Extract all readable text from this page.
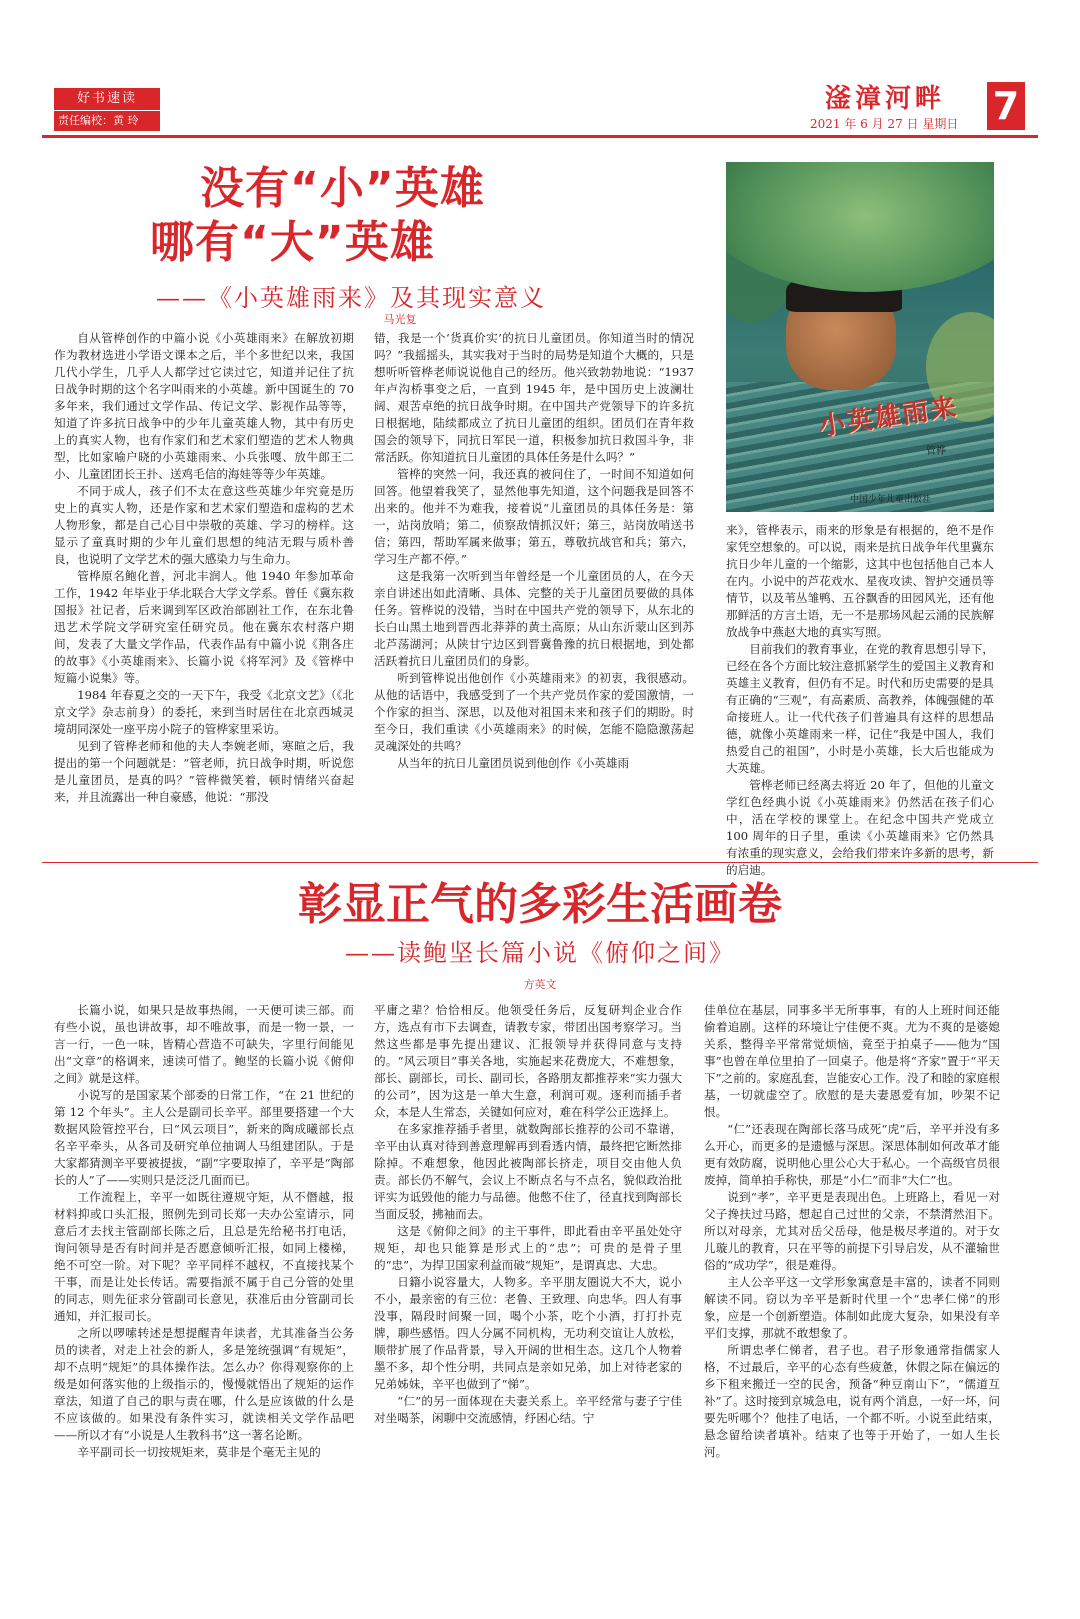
好书速读
责任编校：黄 玲
滏漳河畔	7
2021 年 6 月 27 日 星期日
没有“小”英雄
哪有“大”英雄
——《小英雄雨来》及其现实意义
马光复
小英雄雨来
管桦
中国少年儿童出版社

自从管桦创作的中篇小说《小英雄雨来》在解放初期作为教材选进小学语文课本之后，半个多世纪以来，我国几代小学生，几乎人人都学过它读过它，知道并记住了抗日战争时期的这个名字叫雨来的小英雄。新中国诞生的 70 多年来，我们通过文学作品、传记文学、影视作品等等，知道了许多抗日战争中的少年儿童英雄人物，其中有历史上的真实人物，也有作家们和艺术家们塑造的艺术人物典型，比如家喻户晓的小英雄雨来、小兵张嘎、放牛郎王二小、儿童团团长王扑、送鸡毛信的海娃等等少年英雄。

不同于成人，孩子们不太在意这些英雄少年究竟是历史上的真实人物，还是作家和艺术家们塑造和虚构的艺术人物形象，都是自己心目中崇敬的英雄、学习的榜样。这显示了童真时期的少年儿童们思想的纯洁无瑕与质朴善良，也说明了文学艺术的强大感染力与生命力。

管桦原名鲍化普，河北丰润人。他 1940 年参加革命工作，1942 年毕业于华北联合大学文学系。曾任《冀东救国报》社记者，后来调到军区政治部剧社工作，在东北鲁迅艺术学院文学研究室任研究员。他在冀东农村落户期间，发表了大量文学作品，代表作品有中篇小说《荆各庄的故事》《小英雄雨来》、长篇小说《将军河》及《管桦中短篇小说集》等。

1984 年春夏之交的一天下午，我受《北京文艺》（《北京文学》杂志前身）的委托，来到当时居住在北京西城灵境胡同深处一座平房小院子的管桦家里采访。

见到了管桦老师和他的夫人李婉老师，寒暄之后，我提出的第一个问题就是：“管老师，抗日战争时期，听说您是儿童团员，是真的吗？”管桦微笑着，顿时情绪兴奋起来，并且流露出一种自豪感，他说：“那没

错，我是一个‘货真价实’的抗日儿童团员。你知道当时的情况吗？”我摇摇头，其实我对于当时的局势是知道个大概的，只是想听听管桦老师说说他自己的经历。他兴致勃勃地说：“1937 年卢沟桥事变之后，一直到 1945 年，是中国历史上波澜壮阔、艰苦卓绝的抗日战争时期。在中国共产党领导下的许多抗日根据地，陆续都成立了抗日儿童团的组织。团员们在青年救国会的领导下，同抗日军民一道，积极参加抗日救国斗争，非常活跃。你知道抗日儿童团的具体任务是什么吗？”

管桦的突然一问，我还真的被问住了，一时间不知道如何回答。他望着我笑了，显然他事先知道，这个问题我是回答不出来的。他并不为难我，接着说“儿童团员的具体任务是：第一，站岗放哨；第二，侦察敌情抓汉奸；第三，站岗放哨送书信；第四，帮助军属来做事；第五，尊敬抗战官和兵；第六，学习生产都不停。”

这是我第一次听到当年曾经是一个儿童团员的人，在今天亲自讲述出如此清晰、具体、完整的关于儿童团员要做的具体任务。管桦说的没错，当时在中国共产党的领导下，从东北的长白山黑土地到晋西北莽莽的黄土高原；从山东沂蒙山区到苏北芦荡湖河；从陕甘宁边区到晋冀鲁豫的抗日根据地，到处都活跃着抗日儿童团员们的身影。

听到管桦说出他创作《小英雄雨来》的初衷，我很感动。从他的话语中，我感受到了一个共产党员作家的爱国激情，一个作家的担当、深思，以及他对祖国未来和孩子们的期盼。时至今日，我们重读《小英雄雨来》的时候，怎能不隐隐激荡起灵魂深处的共鸣？

从当年的抗日儿童团员说到他创作《小英雄雨

来》，管桦表示，雨来的形象是有根据的，绝不是作家凭空想象的。可以说，雨来是抗日战争年代里冀东抗日少年儿童的一个缩影，这其中也包括他自己本人在内。小说中的芦花戏水、星夜攻读、智护交通员等情节，以及苇丛雏鸭、五谷飘香的田园风光，还有他那鲜活的方言土语，无一不是那场风起云涌的民族解放战争中燕赵大地的真实写照。

目前我们的教育事业，在党的教育思想引导下，已经在各个方面比较注意抓紧学生的爱国主义教育和英雄主义教育，但仍有不足。时代和历史需要的是具有正确的“三观”，有高素质、高教养，体魄强健的革命接班人。让一代代孩子们普遍具有这样的思想品德，就像小英雄雨来一样，记住“我是中国人，我们热爱自己的祖国”，小时是小英雄，长大后也能成为大英雄。

管桦老师已经离去将近 20 年了，但他的儿童文学红色经典小说《小英雄雨来》仍然活在孩子们心中，活在学校的课堂上。在纪念中国共产党成立 100 周年的日子里，重读《小英雄雨来》它仍然具有浓重的现实意义，会给我们带来许多新的思考，新的启迪。

彰显正气的多彩生活画卷
——读鲍坚长篇小说《俯仰之间》
方英文

长篇小说，如果只是故事热闹，一天便可读三部。而有些小说，虽也讲故事，却不唯故事，而是一物一景，一言一行，一色一味，皆精心营造不可缺失，字里行间能见出“文章”的格调来，速读可惜了。鲍坚的长篇小说《俯仰之间》就是这样。

小说写的是国家某个部委的日常工作，“在 21 世纪的第 12 个年头”。主人公是副司长辛平。部里要搭建一个大数据风险管控平台，曰“风云项目”，新来的陶成曦部长点名辛平牵头，从各司及研究单位抽调人马组建团队。于是大家都猜测辛平要被提拔，“副”字要取掉了，辛平是“陶部长的人”了——实则只是泛泛几面而已。

工作流程上，辛平一如既往遵规守矩，从不僭越，报材料抑或口头汇报，照例先到司长郑一夫办公室请示，同意后才去找主管副部长陈之后，且总是先给秘书打电话，询问领导是否有时间并是否愿意倾听汇报，如同上楼梯，绝不可空一阶。对下呢？辛平同样不越权，不直接找某个干事，而是让处长传话。需要指派不属于自己分管的处里的同志，则先征求分管副司长意见，获准后由分管副司长通知，并汇报司长。

之所以啰嗦转述是想提醒青年读者，尤其准备当公务员的读者，对走上社会的新人，多是笼统强调“有规矩”，却不点明“规矩”的具体操作法。怎么办？你得观察你的上级是如何落实他的上级指示的，慢慢就悟出了规矩的运作章法，知道了自己的职与责在哪，什么是应该做的什么是不应该做的。如果没有条件实习，就读相关文学作品吧——所以才有“小说是人生教科书”这一著名论断。

辛平副司长一切按规矩来，莫非是个毫无主见的

平庸之辈？恰恰相反。他领受任务后，反复研判企业合作方，选点有市下去调查，请教专家，带团出国考察学习。当然这些都是事先提出建议、汇报领导并获得同意与支持的。“风云项目”事关各地，实施起来花费庞大，不难想象，部长、副部长，司长、副司长，各路朋友都推荐来“实力强大的公司”，因为这是一单大生意，利润可观。逐利而插手者众，本是人生常态，关键如何应对，难在科学公正选择上。

在多家推荐插手者里，就数陶部长推荐的公司不靠谱，辛平由认真对待到善意理解再到看透内情，最终把它断然排除掉。不难想象，他因此被陶部长挤走，项目交由他人负责。部长仍不解气，会议上不断点名与不点名，貌似政治批评实为诋毁他的能力与品德。他憋不住了，径直找到陶部长当面反驳，拂袖而去。

这是《俯仰之间》的主干事件，即此看由辛平虽处处守规矩，却也只能算是形式上的“忠”；可贵的是骨子里的“忠”，为捍卫国家利益而破“规矩”，是谓真忠、大忠。

日籍小说容量大，人物多。辛平朋友圈说大不大，说小不小，最亲密的有三位：老鲁、王致理、向忠华。四人有事没事，隔段时间聚一回，喝个小茶，吃个小酒，打打扑克牌，聊些感悟。四人分属不同机构，无功利交谊让人放松，顺带扩展了作品背景，导入开阔的世相生态。这几个人物着墨不多，却个性分明，共同点是亲如兄弟，加上对待老家的兄弟姊妹，辛平也做到了“悌”。

“仁”的另一面体现在夫妻关系上。辛平经常与妻子宁佳对坐喝茶，闲聊中交流感情，纾困心结。宁

佳单位在基层，同事多半无所事事，有的人上班时间还能偷着追剧。这样的环境让宁佳便不爽。尤为不爽的是婆媳关系，整得辛平常常觉烦恼，竟至于拍桌子——他为“国事”也曾在单位里拍了一回桌子。他是将“齐家”置于“平天下”之前的。家庭乱套，岂能安心工作。没了和睦的家庭根基，一切就虚空了。欣慰的是夫妻恩爱有加，吵架不记恨。

“仁”还表现在陶部长落马成死“虎”后，辛平并没有多么开心，而更多的是遗憾与深思。深思体制如何改革才能更有效防腐，说明他心里公心大于私心。一个高级官员很废掉，简单拍手称快，那是“小仁”而非“大仁”也。

说到“孝”，辛平更是表现出色。上班路上，看见一对父子搀扶过马路，想起自己过世的父亲，不禁潸然泪下。所以对母亲，尤其对岳父岳母，他是极尽孝道的。对于女儿璇儿的教育，只在平等的前提下引导启发，从不灌输世俗的“成功学”，很是难得。

主人公辛平这一文学形象寓意是丰富的，读者不同则解读不同。窃以为辛平是新时代里一个“忠孝仁悌”的形象，应是一个创新塑造。体制如此庞大复杂，如果没有辛平们支撑，那就不敢想象了。

所谓忠孝仁悌者，君子也。君子形象通常指儒家人格，不过最后，辛平的心态有些疲惫，休假之际在偏远的乡下租来搬迁一空的民舍，预备“种豆南山下”，“儒道互补”了。这时接到京城急电，说有两个消息，一好一坏，问要先听哪个？他挂了电话，一个都不听。小说至此结束，悬念留给读者填补。结束了也等于开始了，一如人生长河。
